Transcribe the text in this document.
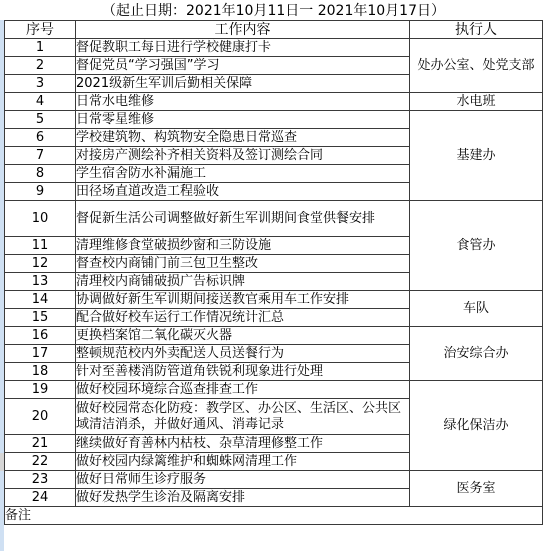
（起止日期：2021年10月11日一 2021年10月17日）
序号	工作内容	执行人
1	督促教职工每日进行学校健康打卡	处办公室、处党支部
2	督促党员“学习强国”学习	
3	2021级新生军训后勤相关保障	
4	日常水电维修	水电班
5	日常零星维修	基建办
6	学校建筑物、构筑物安全隐患日常巡查	
7	对接房产测绘补齐相关资料及签订测绘合同	
8	学生宿舍防水补漏施工	
9	田径场直道改造工程验收	
10	督促新生活公司调整做好新生军训期间食堂供餐安排	食管办
11	清理维修食堂破损纱窗和三防设施	
12	督查校内商铺门前三包卫生整改	
13	清理校内商铺破损广告标识牌	
14	协调做好新生军训期间接送教官乘用车工作安排	车队
15	配合做好校车运行工作情况统计汇总	
16	更换档案馆二氧化碳灭火器	治安综合办
17	整顿规范校内外卖配送人员送餐行为	
18	针对至善楼消防管道角铁锐利现象进行处理	
19	做好校园环境综合巡查排查工作	绿化保洁办
20	做好校园常态化防疫：教学区、办公区、生活区、公共区域清洁消杀，并做好通风、消毒记录	
21	继续做好育善林内枯枝、杂草清理修整工作	
22	做好校园内绿篱维护和蜘蛛网清理工作	
23	做好日常师生诊疗服务	医务室
24	做好发热学生诊治及隔离安排	
备注		
